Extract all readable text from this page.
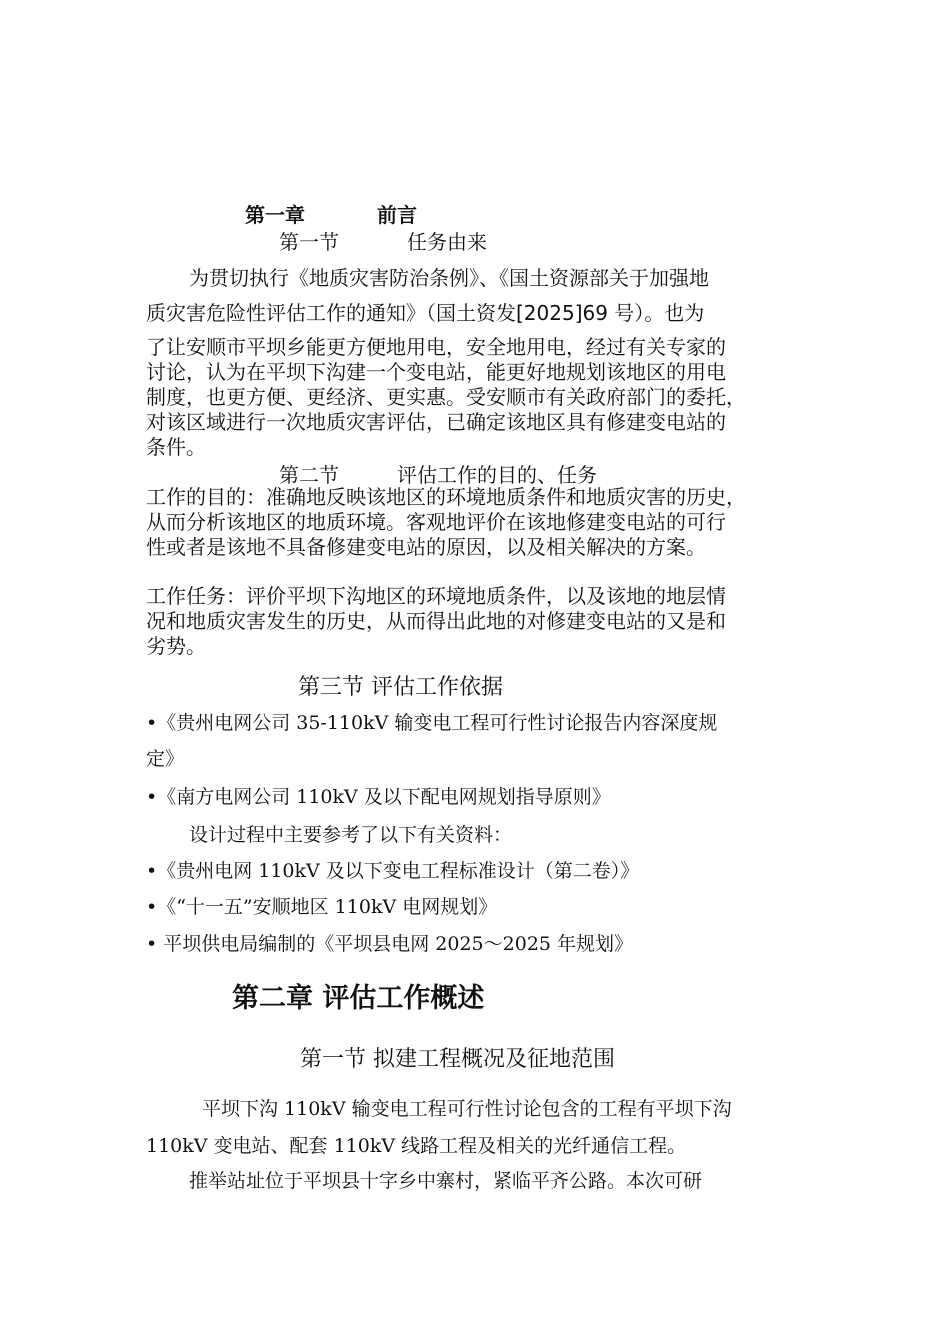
第一章	前言
第一节	任务由来
为贯切执行《地质灾害防治条例》、《国土资源部关于加强地
质灾害危险性评估工作的通知》（国土资发[2025]69 号）。也为
了让安顺市平坝乡能更方便地用电，安全地用电，经过有关专家的
讨论，认为在平坝下沟建一个变电站，能更好地规划该地区的用电
制度，也更方便、更经济、更实惠。受安顺市有关政府部门的委托，
对该区域进行一次地质灾害评估，已确定该地区具有修建变电站的
条件。
第二节	评估工作的目的、任务
工作的目的：准确地反映该地区的环境地质条件和地质灾害的历史，
从而分析该地区的地质环境。客观地评价在该地修建变电站的可行
性或者是该地不具备修建变电站的原因，以及相关解决的方案。
工作任务：评价平坝下沟地区的环境地质条件，以及该地的地层情
况和地质灾害发生的历史，从而得出此地的对修建变电站的又是和
劣势。
第三节 评估工作依据
•《贵州电网公司 35-110kV 输变电工程可行性讨论报告内容深度规
定》
•《南方电网公司 110kV 及以下配电网规划指导原则》
设计过程中主要参考了以下有关资料：
•《贵州电网 110kV 及以下变电工程标准设计（第二卷）》
•《“十一五”安顺地区 110kV 电网规划》
• 平坝供电局编制的《平坝县电网 2025～2025 年规划》
第二章 评估工作概述
第一节 拟建工程概况及征地范围
平坝下沟 110kV 输变电工程可行性讨论包含的工程有平坝下沟
110kV 变电站、配套 110kV 线路工程及相关的光纤通信工程。
推举站址位于平坝县十字乡中寨村，紧临平齐公路。本次可研
